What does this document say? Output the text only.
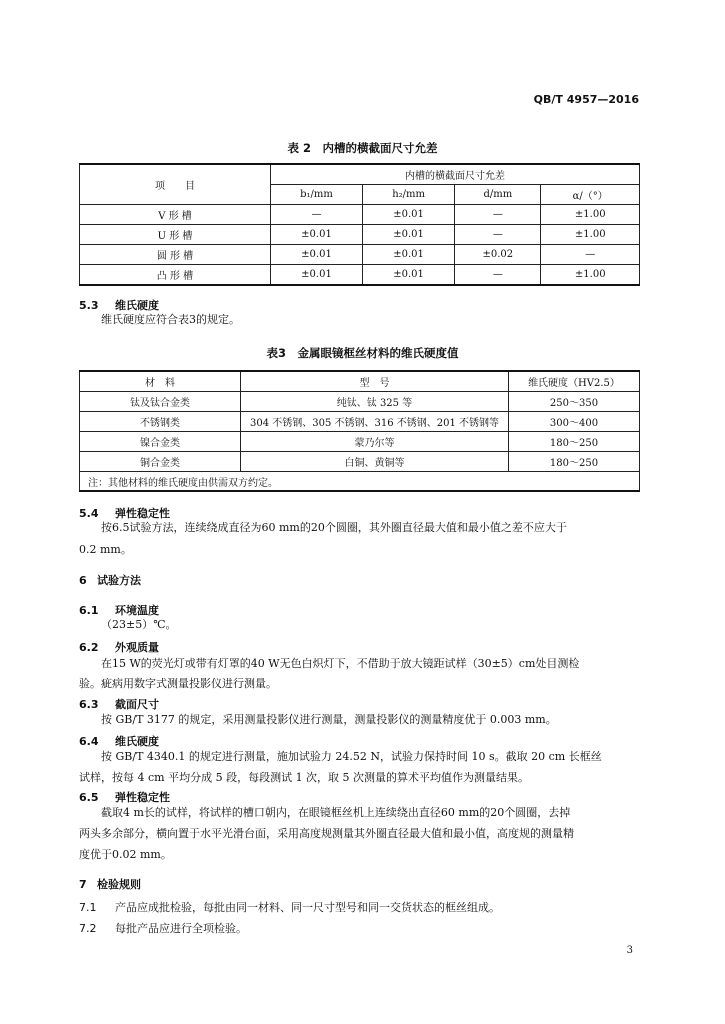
QB/T 4957—2016
表 2　内槽的横截面尺寸允差
项　　目	内槽的横截面尺寸允差			
	b₁/mm	h₂/mm	d/mm	α/（°）
V 形 槽	—	±0.01	—	±1.00
U 形 槽	±0.01	±0.01	—	±1.00
圆 形 槽	±0.01	±0.01	±0.02	—
凸 形 槽	±0.01	±0.01	—	±1.00
5.3 维氏硬度
维氏硬度应符合表3的规定。
表3　金属眼镜框丝材料的维氏硬度值
材　料	型　号	维氏硬度（HV2.5）
钛及钛合金类	纯钛、钛 325 等	250～350
不锈钢类	304 不锈钢、305 不锈钢、316 不锈钢、201 不锈钢等	300～400
镍合金类	蒙乃尔等	180～250
铜合金类	白铜、黄铜等	180～250
注：其他材料的维氏硬度由供需双方约定。		
5.4 弹性稳定性
按6.5试验方法，连续绕成直径为60 mm的20个圆圈，其外圈直径最大值和最小值之差不应大于
0.2 mm。
6 试验方法
6.1 环境温度
（23±5）℃。
6.2 外观质量
在15 W的荧光灯或带有灯罩的40 W无色白炽灯下，不借助于放大镜距试样（30±5）cm处目测检
验。疵病用数字式测量投影仪进行测量。
6.3 截面尺寸
按 GB/T 3177 的规定，采用测量投影仪进行测量，测量投影仪的测量精度优于 0.003 mm。
6.4 维氏硬度
按 GB/T 4340.1 的规定进行测量，施加试验力 24.52 N，试验力保持时间 10 s。截取 20 cm 长框丝
试样，按每 4 cm 平均分成 5 段，每段测试 1 次，取 5 次测量的算术平均值作为测量结果。
6.5 弹性稳定性
截取4 m长的试样，将试样的槽口朝内，在眼镜框丝机上连续绕出直径60 mm的20个圆圈，去掉
两头多余部分，横向置于水平光滑台面，采用高度规测量其外圈直径最大值和最小值，高度规的测量精
度优于0.02 mm。
7 检验规则
7.1 产品应成批检验，每批由同一材料、同一尺寸型号和同一交货状态的框丝组成。
7.2 每批产品应进行全项检验。
3
